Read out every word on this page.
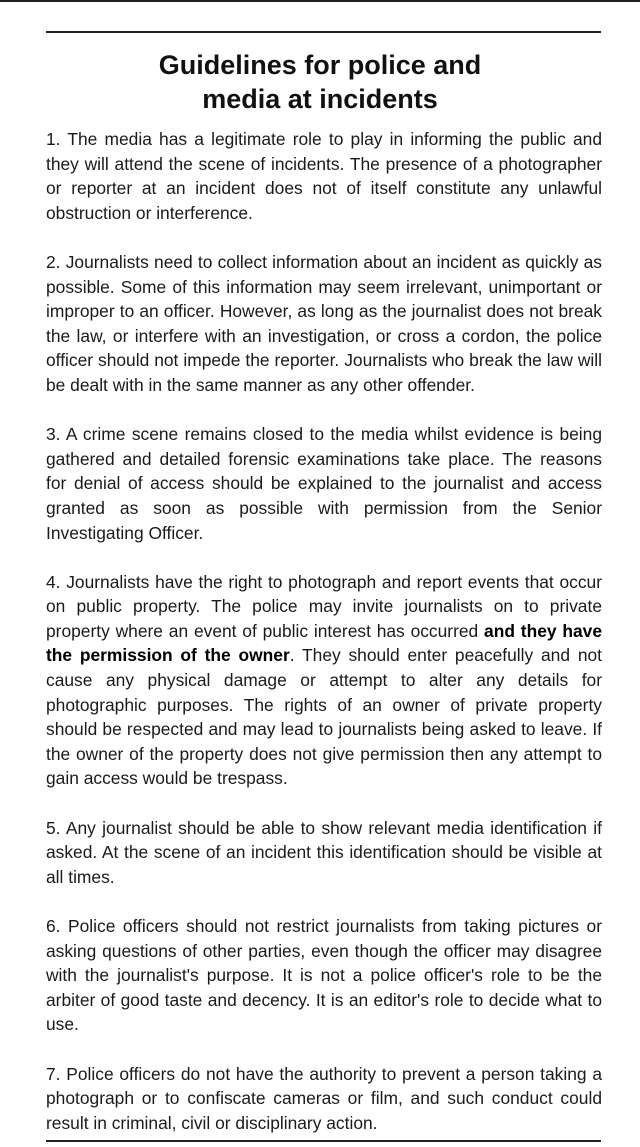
Guidelines for police and
media at incidents

1. The media has a legitimate role to play in informing the public and they will attend the scene of incidents. The presence of a photographer or reporter at an incident does not of itself constitute any unlawful obstruction or interference.

2. Journalists need to collect information about an incident as quickly as possible. Some of this information may seem irrelevant, unimportant or improper to an officer. However, as long as the journalist does not break the law, or interfere with an investigation, or cross a cordon, the police officer should not impede the reporter. Journalists who break the law will be dealt with in the same manner as any other offender.

3. A crime scene remains closed to the media whilst evidence is being gathered and detailed forensic examinations take place. The reasons for denial of access should be explained to the journalist and access granted as soon as possible with permission from the Senior Investigating Officer.

4. Journalists have the right to photograph and report events that occur on public property. The police may invite journalists on to private property where an event of public interest has occurred and they have the permission of the owner. They should enter peacefully and not cause any physical damage or attempt to alter any details for photographic purposes. The rights of an owner of private property should be respected and may lead to journalists being asked to leave. If the owner of the property does not give permission then any attempt to gain access would be trespass.

5. Any journalist should be able to show relevant media identification if asked. At the scene of an incident this identification should be visible at all times.

6. Police officers should not restrict journalists from taking pictures or asking questions of other parties, even though the officer may disagree with the journalist's purpose. It is not a police officer's role to be the arbiter of good taste and decency. It is an editor's role to decide what to use.

7. Police officers do not have the authority to prevent a person taking a photograph or to confiscate cameras or film, and such conduct could result in criminal, civil or disciplinary action.
